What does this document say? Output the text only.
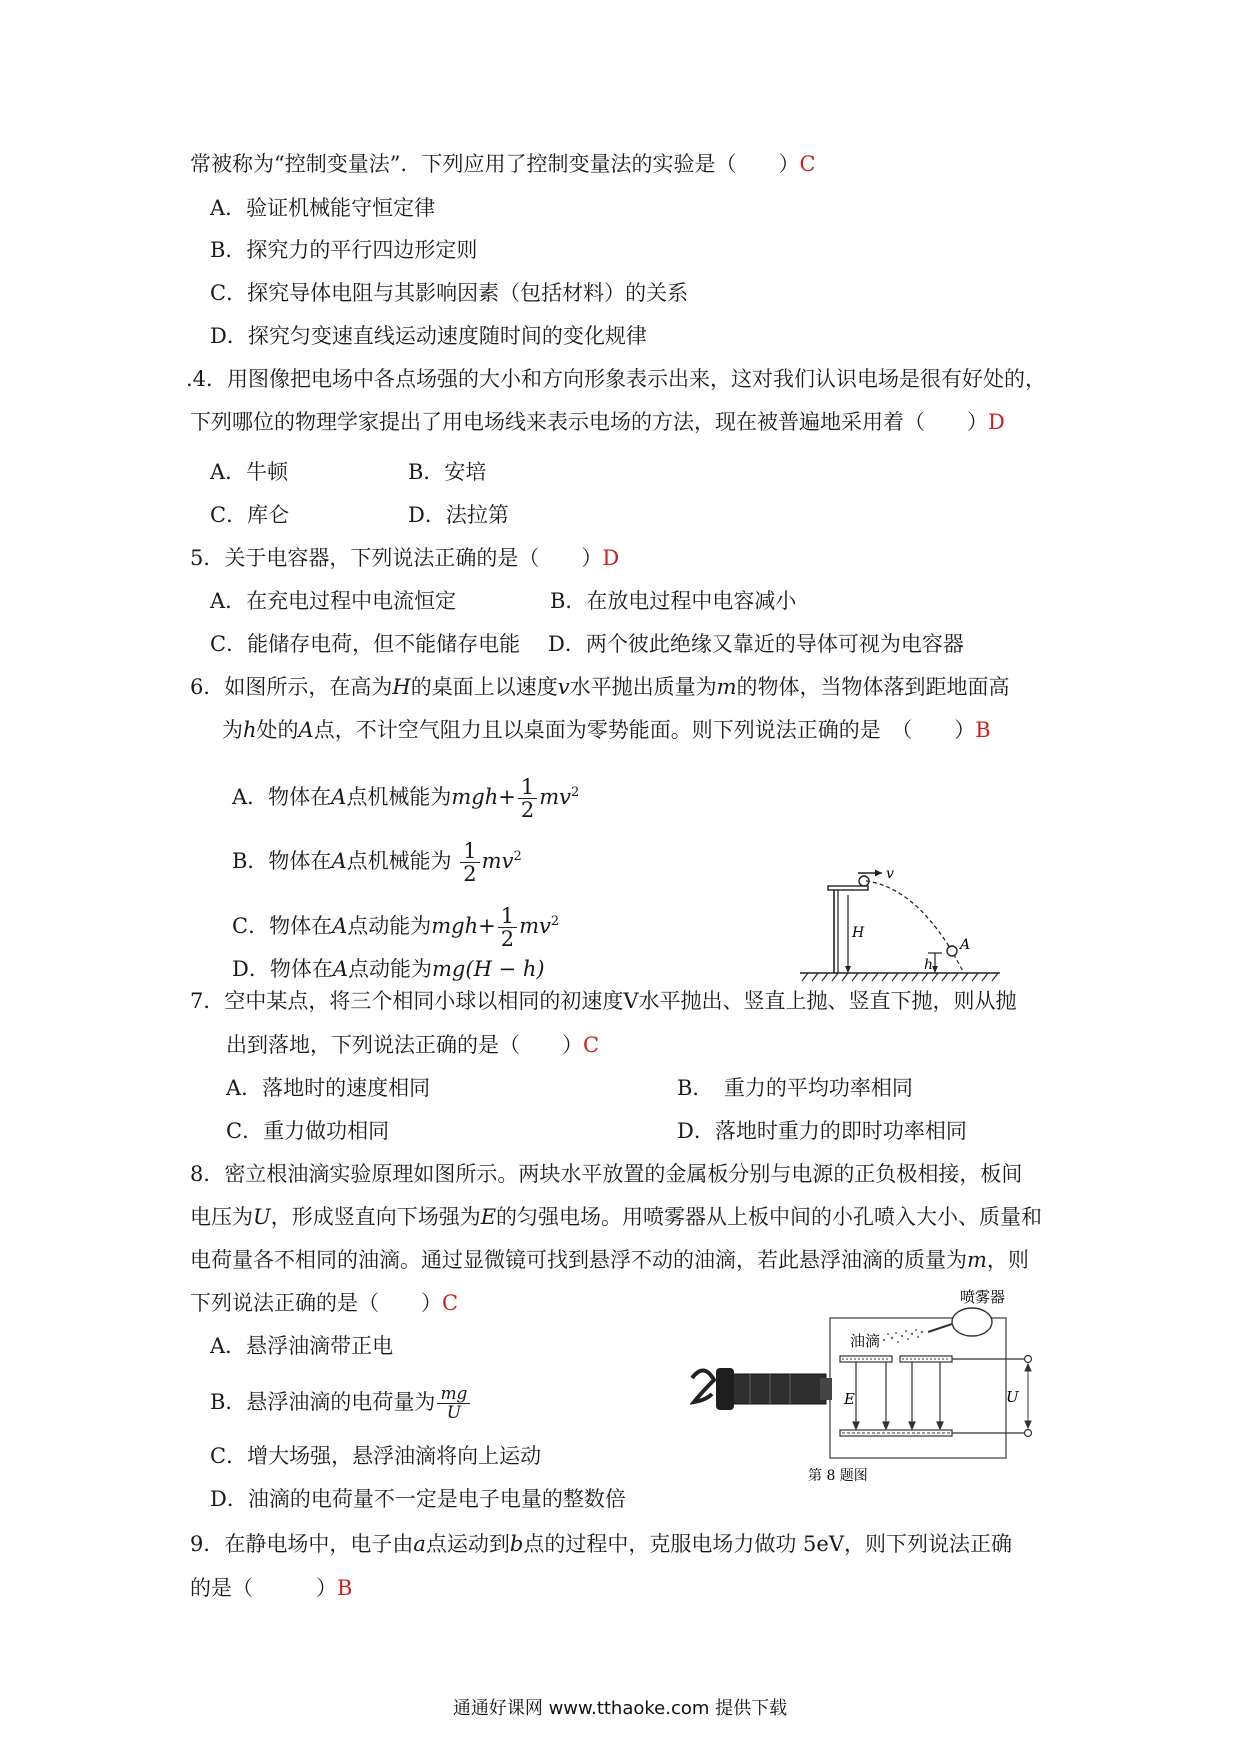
常被称为“控制变量法”．下列应用了控制变量法的实验是（　　）C
A．验证机械能守恒定律
B．探究力的平行四边形定则
C．探究导体电阻与其影响因素（包括材料）的关系
D．探究匀变速直线运动速度随时间的变化规律
.4．用图像把电场中各点场强的大小和方向形象表示出来，这对我们认识电场是很有好处的，
下列哪位的物理学家提出了用电场线来表示电场的方法，现在被普遍地采用着（　　）D
A．牛顿	B．安培
C．库仑	D．法拉第
5．关于电容器，下列说法正确的是（　　）D
A．在充电过程中电流恒定	B．在放电过程中电容减小
C．能储存电荷，但不能储存电能 D．两个彼此绝缘又靠近的导体可视为电容器
6．如图所示，在高为H的桌面上以速度v水平抛出质量为m的物体，当物体落到距地面高
为h处的A点，不计空气阻力且以桌面为零势能面。则下列说法正确的是　（　　）B
A．物体在A点机械能为$mgh+ \frac{1}{2} mv^2$
B．物体在A点机械能为 $\frac{1}{2} mv^2$
C．物体在A点动能为$mgh+ \frac{1}{2} mv^2$
D．物体在A点动能为mg(H − h)
v
A
H
h
7．空中某点，将三个相同小球以相同的初速度V水平抛出、竖直上抛、竖直下抛，则从抛
出到落地，下列说法正确的是（　　）C
A．落地时的速度相同	B．　重力的平均功率相同
C．重力做功相同	D．落地时重力的即时功率相同
8．密立根油滴实验原理如图所示。两块水平放置的金属板分别与电源的正负极相接，板间
电压为U，形成竖直向下场强为E的匀强电场。用喷雾器从上板中间的小孔喷入大小、质量和
电荷量各不相同的油滴。通过显微镜可找到悬浮不动的油滴，若此悬浮油滴的质量为m，则
下列说法正确的是（　　）C
A．悬浮油滴带正电
B．悬浮油滴的电荷量为 $\frac{mg}{U}$
C．增大场强，悬浮油滴将向上运动
D．油滴的电荷量不一定是电子电量的整数倍
喷雾器
油滴
E	U
第 8 题图
9．在静电场中，电子由a点运动到b点的过程中，克服电场力做功 5eV，则下列说法正确
的是（　　　）B
通通好课网 www.tthaoke.com 提供下载
